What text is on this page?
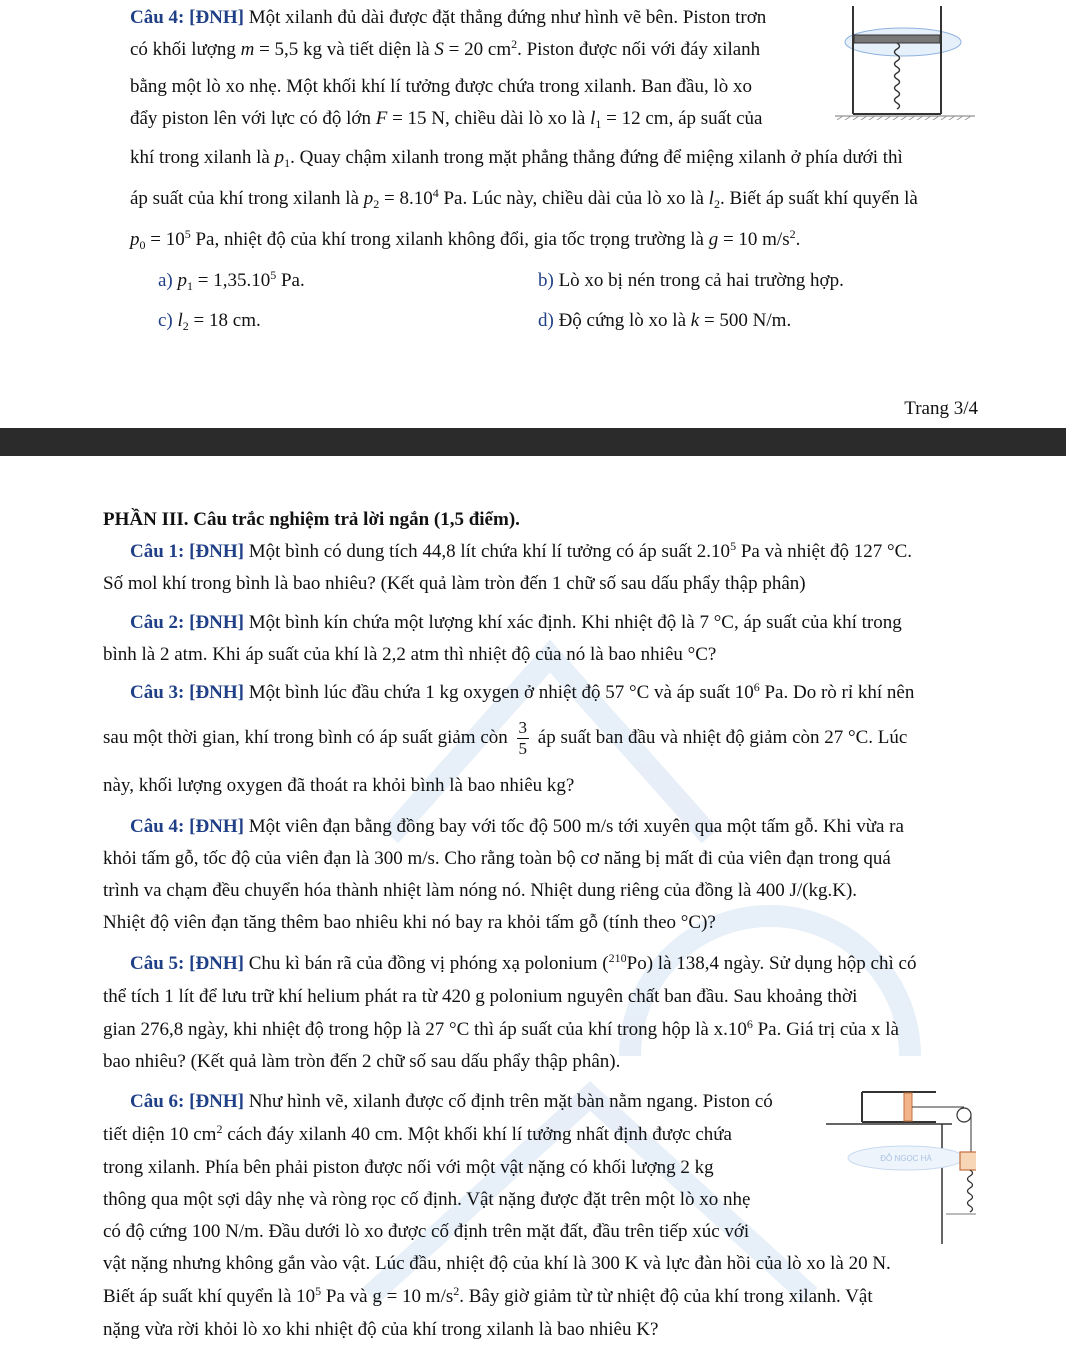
Câu 4: [ĐNH] Một xilanh đủ dài được đặt thẳng đứng như hình vẽ bên. Piston trơn
có khối lượng m = 5,5 kg và tiết diện là S = 20 $cm^2$. Piston được nối với đáy xilanh
bằng một lò xo nhẹ. Một khối khí lí tưởng được chứa trong xilanh. Ban đầu, lò xo
đẩy piston lên với lực có độ lớn F = 15 N, chiều dài lò xo là $l_1 = 12$ cm, áp suất của
khí trong xilanh là $p_1$. Quay chậm xilanh trong mặt phẳng thẳng đứng để miệng xilanh ở phía dưới thì
áp suất của khí trong xilanh là $p_2 = 8.10^4$ Pa. Lúc này, chiều dài của lò xo là $l_2$. Biết áp suất khí quyển là
$p_0 = 10^5$ Pa, nhiệt độ của khí trong xilanh không đổi, gia tốc trọng trường là g = 10 $m/s^2$.
a) $p_1 = 1,35.10^5$ Pa.	b) Lò xo bị nén trong cả hai trường hợp.
c) $l_2 = 18$ cm.	d) Độ cứng lò xo là k = 500 N/m.
Trang 3/4
PHẦN III. Câu trắc nghiệm trả lời ngắn (1,5 điểm).
Câu 1: [ĐNH] Một bình có dung tích 44,8 lít chứa khí lí tưởng có áp suất 2.10$^5$ Pa và nhiệt độ 127 °C.
Số mol khí trong bình là bao nhiêu? (Kết quả làm tròn đến 1 chữ số sau dấu phẩy thập phân)
Câu 2: [ĐNH] Một bình kín chứa một lượng khí xác định. Khi nhiệt độ là 7 °C, áp suất của khí trong
bình là 2 atm. Khi áp suất của khí là 2,2 atm thì nhiệt độ của nó là bao nhiêu °C?
Câu 3: [ĐNH] Một bình lúc đầu chứa 1 kg oxygen ở nhiệt độ 57 °C và áp suất $10^6$ Pa. Do rò rỉ khí nên
sau một thời gian, khí trong bình có áp suất giảm còn $\frac{3}{5}$ áp suất ban đầu và nhiệt độ giảm còn 27 °C. Lúc
này, khối lượng oxygen đã thoát ra khỏi bình là bao nhiêu kg?
Câu 4: [ĐNH] Một viên đạn bằng đồng bay với tốc độ 500 m/s tới xuyên qua một tấm gỗ. Khi vừa ra
khỏi tấm gỗ, tốc độ của viên đạn là 300 m/s. Cho rằng toàn bộ cơ năng bị mất đi của viên đạn trong quá
trình va chạm đều chuyển hóa thành nhiệt làm nóng nó. Nhiệt dung riêng của đồng là 400 J/(kg.K).
Nhiệt độ viên đạn tăng thêm bao nhiêu khi nó bay ra khỏi tấm gỗ (tính theo °C)?
Câu 5: [ĐNH] Chu kì bán rã của đồng vị phóng xạ polonium ($^{210}$Po) là 138,4 ngày. Sử dụng hộp chì có
thể tích 1 lít để lưu trữ khí helium phát ra từ 420 g polonium nguyên chất ban đầu. Sau khoảng thời
gian 276,8 ngày, khi nhiệt độ trong hộp là 27 °C thì áp suất của khí trong hộp là $x.10^6$ Pa. Giá trị của x là
bao nhiêu? (Kết quả làm tròn đến 2 chữ số sau dấu phẩy thập phân).
Câu 6: [ĐNH] Như hình vẽ, xilanh được cố định trên mặt bàn nằm ngang. Piston có
tiết diện 10 $cm^2$ cách đáy xilanh 40 cm. Một khối khí lí tưởng nhất định được chứa
trong xilanh. Phía bên phải piston được nối với một vật nặng có khối lượng 2 kg
thông qua một sợi dây nhẹ và ròng rọc cố định. Vật nặng được đặt trên một lò xo nhẹ
có độ cứng 100 N/m. Đầu dưới lò xo được cố định trên mặt đất, đầu trên tiếp xúc với
vật nặng nhưng không gắn vào vật. Lúc đầu, nhiệt độ của khí là 300 K và lực đàn hồi của lò xo là 20 N.
Biết áp suất khí quyển là $10^5$ Pa và g = 10 $m/s^2$. Bây giờ giảm từ từ nhiệt độ của khí trong xilanh. Vật
nặng vừa rời khỏi lò xo khi nhiệt độ của khí trong xilanh là bao nhiêu K?
ĐỖ NGỌC HÀ
